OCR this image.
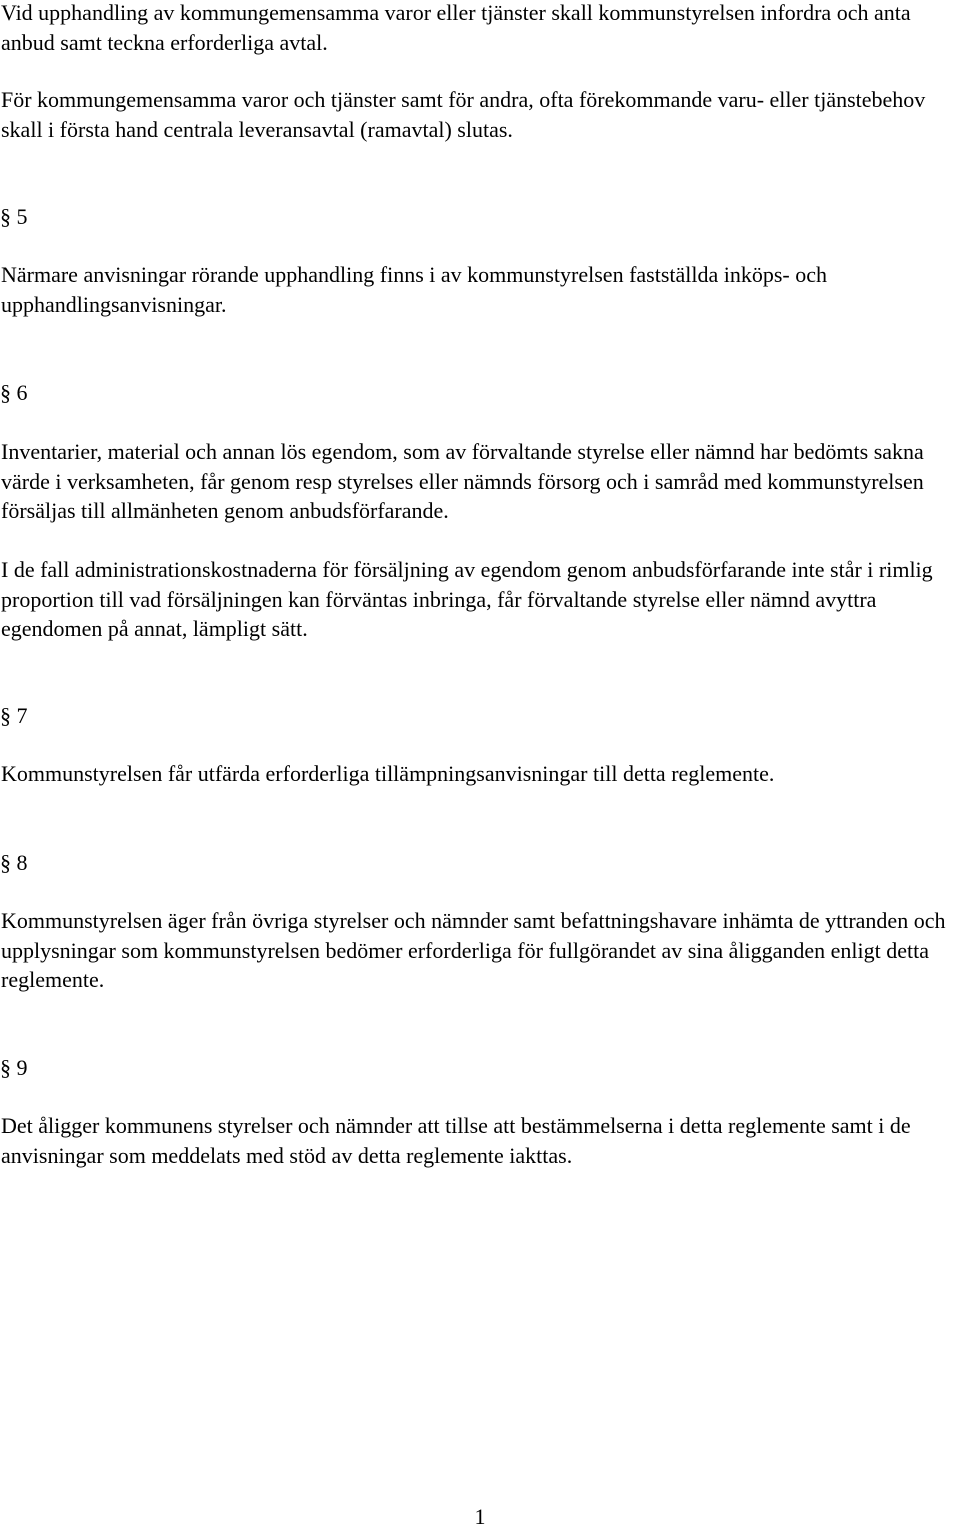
Vid upphandling av kommungemensamma varor eller tjänster skall kommunstyrelsen infordra och anta anbud samt teckna erforderliga avtal.

För kommungemensamma varor och tjänster samt för andra, ofta förekommande varu- eller tjänstebehov skall i första hand centrala leveransavtal (ramavtal) slutas.

§ 5

Närmare anvisningar rörande upphandling finns i av kommunstyrelsen fastställda inköps- och upphandlingsanvisningar.

§ 6

Inventarier, material och annan lös egendom, som av förvaltande styrelse eller nämnd har bedömts sakna värde i verksamheten, får genom resp styrelses eller nämnds försorg och i samråd med kommunstyrelsen försäljas till allmänheten genom anbudsförfarande.

I de fall administrationskostnaderna för försäljning av egendom genom anbudsförfarande inte står i rimlig proportion till vad försäljningen kan förväntas inbringa, får förvaltande styrelse eller nämnd avyttra egendomen på annat, lämpligt sätt.

§ 7

Kommunstyrelsen får utfärda erforderliga tillämpningsanvisningar till detta reglemente.

§ 8

Kommunstyrelsen äger från övriga styrelser och nämnder samt befattningshavare inhämta de yttranden och upplysningar som kommunstyrelsen bedömer erforderliga för fullgörandet av sina åligganden enligt detta reglemente.

§ 9

Det åligger kommunens styrelser och nämnder att tillse att bestämmelserna i detta reglemente samt i de anvisningar som meddelats med stöd av detta reglemente iakttas.

1
